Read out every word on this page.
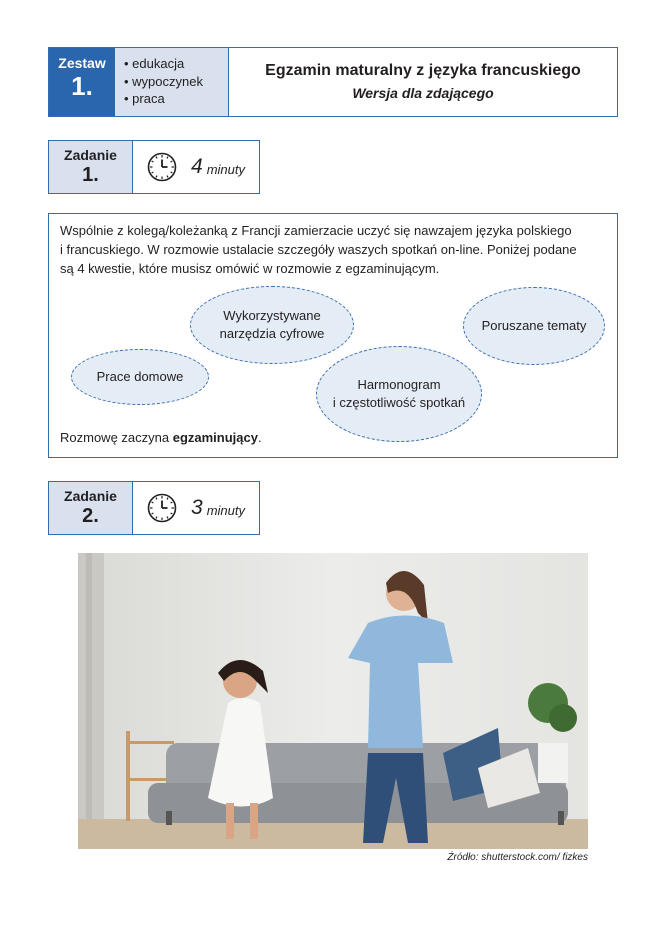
Zestaw
1.
• edukacja
• wypoczynek
• praca
Egzamin maturalny z języka francuskiego
Wersja dla zdającego
Zadanie
1.	4 minuty
Wspólnie z kolegą/koleżanką z Francji zamierzacie uczyć się nawzajem języka polskiego
i francuskiego. W rozmowie ustalacie szczegóły waszych spotkań on-line. Poniżej podane
są 4 kwestie, które musisz omówić w rozmowie z egzaminującym.
Wykorzystywane
narzędzia cyfrowe
Poruszane tematy
Prace domowe
Harmonogram
i częstotliwość spotkań
Rozmowę zaczyna egzaminujący.
Zadanie
2.	3 minuty
Źródło: shutterstock.com/ fizkes
